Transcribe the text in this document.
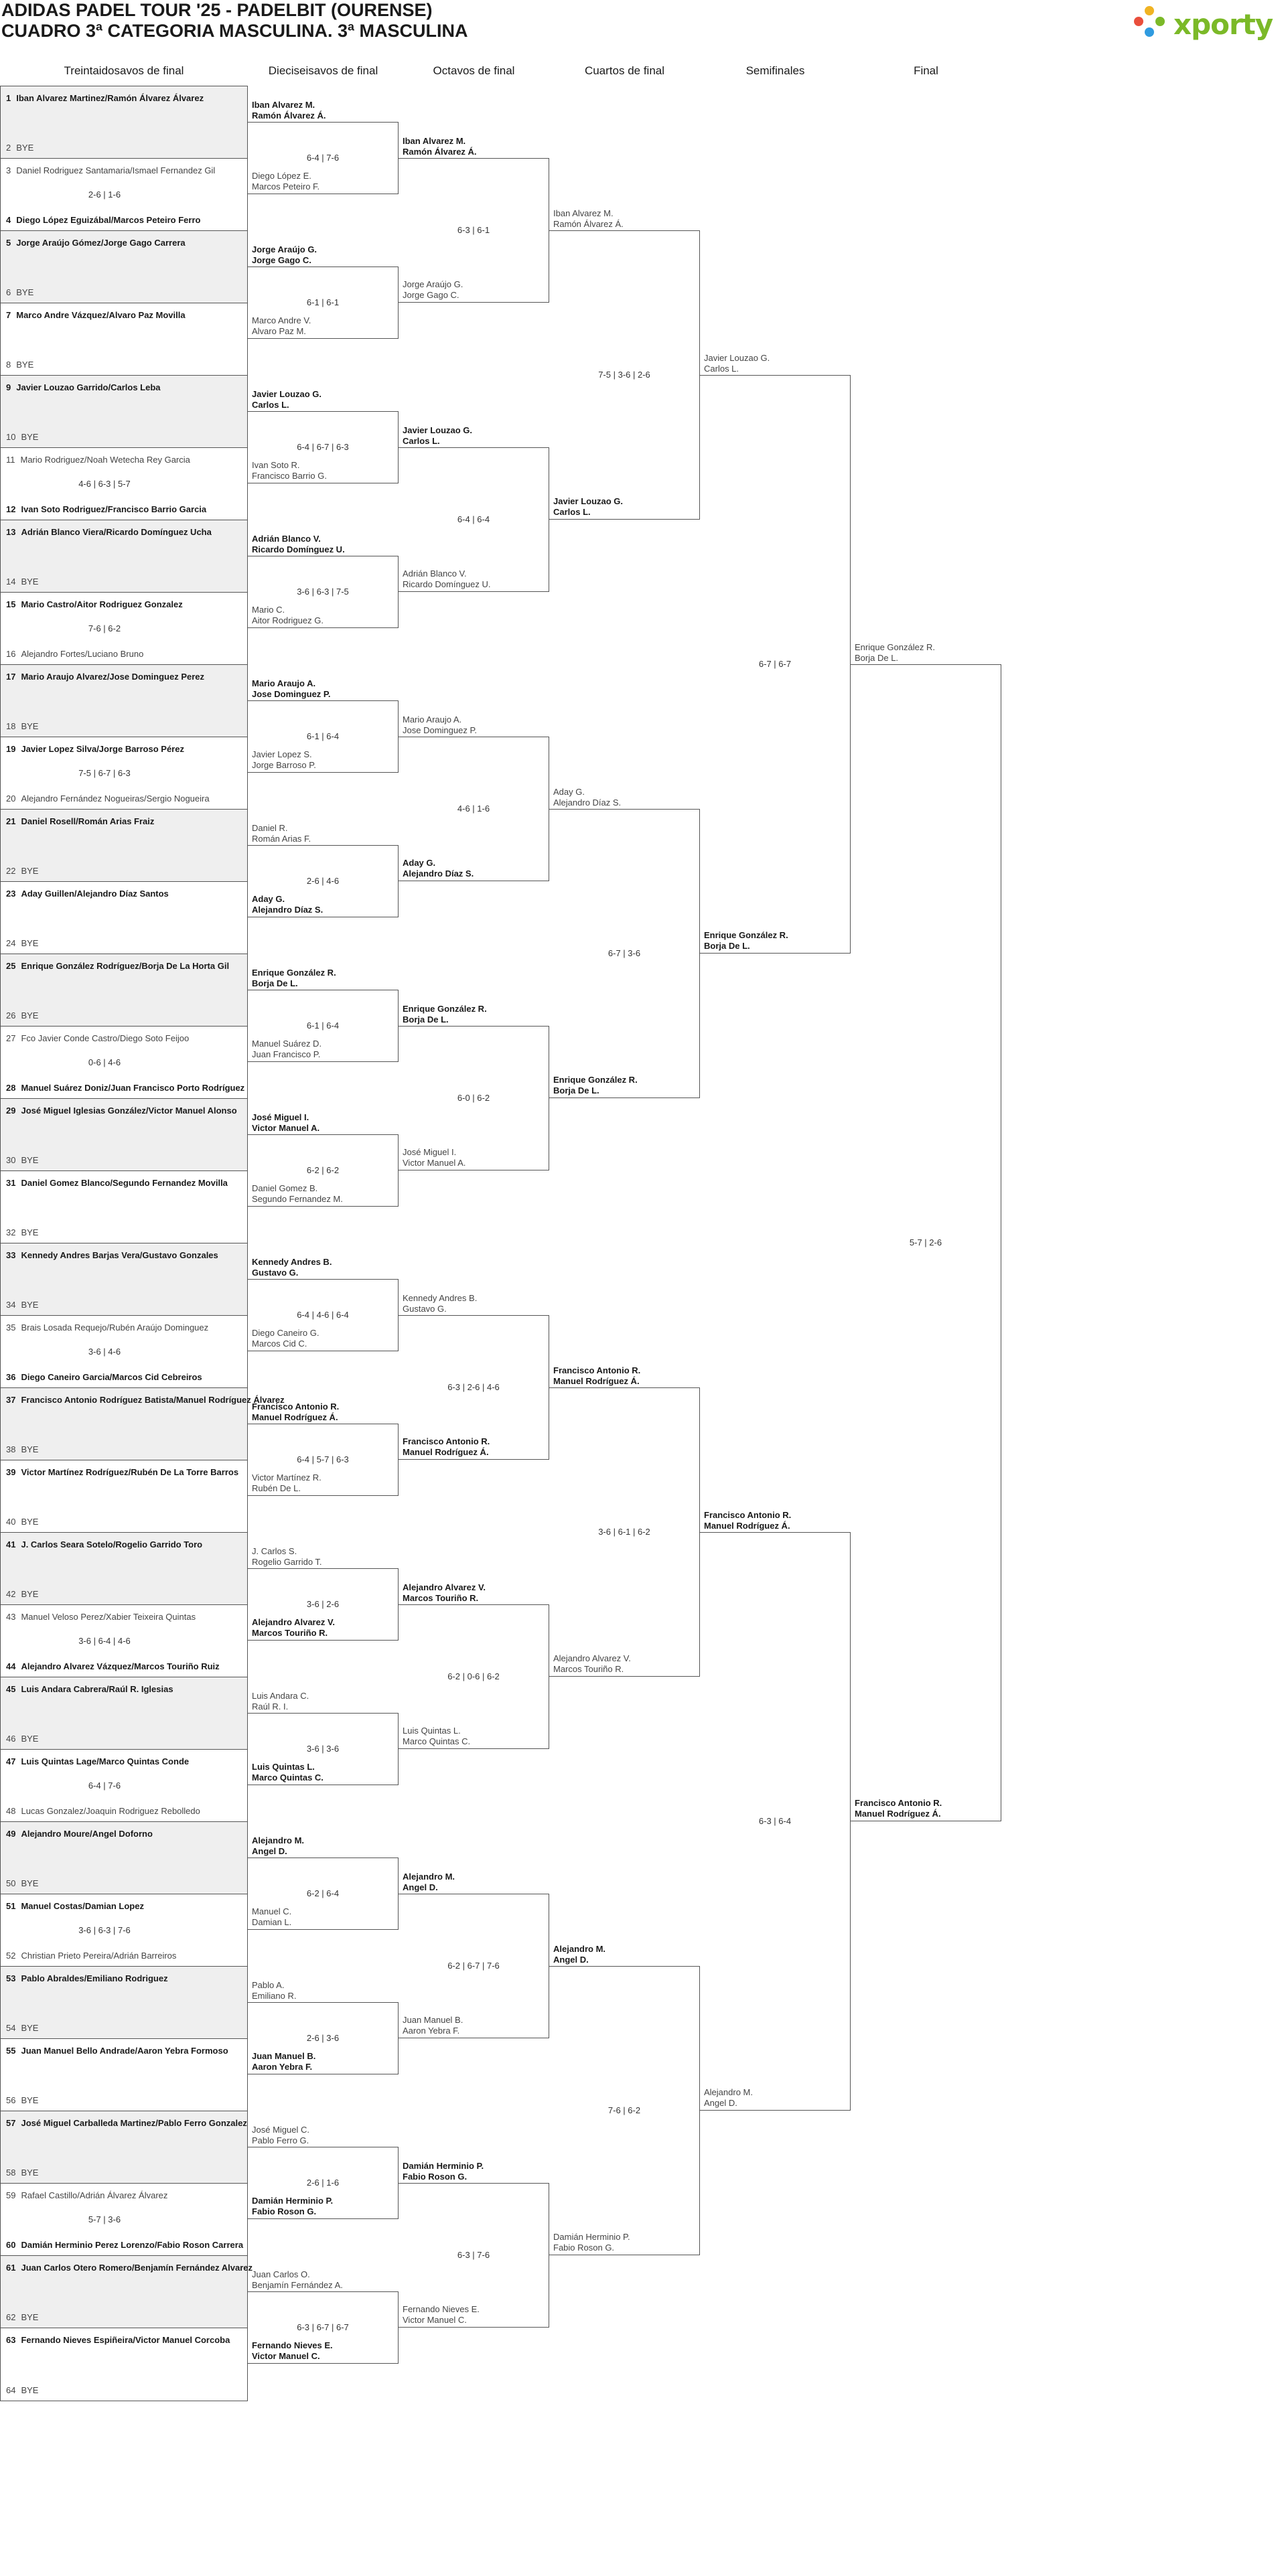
ADIDAS PADEL TOUR '25 - PADELBIT (OURENSE)
CUADRO 3ª CATEGORIA MASCULINA. 3ª MASCULINA	xporty
Treintaidosavos de final	Dieciseisavos de final	Octavos de final	Cuartos de final	Semifinales	Final
1 Iban Alvarez Martinez/Ramón Álvarez Álvarez
2 BYE
3 Daniel Rodriguez Santamaria/Ismael Fernandez Gil
4 Diego López Eguizábal/Marcos Peteiro Ferro
2-6 | 1-6
5 Jorge Araújo Gómez/Jorge Gago Carrera
6 BYE
7 Marco Andre Vázquez/Alvaro Paz Movilla
8 BYE
9 Javier Louzao Garrido/Carlos Leba
10 BYE
11 Mario Rodriguez/Noah Wetecha Rey Garcia
12 Ivan Soto Rodriguez/Francisco Barrio Garcia
4-6 | 6-3 | 5-7
13 Adrián Blanco Viera/Ricardo Domínguez Ucha
14 BYE
15 Mario Castro/Aitor Rodriguez Gonzalez
16 Alejandro Fortes/Luciano Bruno
7-6 | 6-2
17 Mario Araujo Alvarez/Jose Dominguez Perez
18 BYE
19 Javier Lopez Silva/Jorge Barroso Pérez
20 Alejandro Fernández Nogueiras/Sergio Nogueira
7-5 | 6-7 | 6-3
21 Daniel Rosell/Román Arias Fraiz
22 BYE
23 Aday Guillen/Alejandro Díaz Santos
24 BYE
25 Enrique González Rodríguez/Borja De La Horta Gil
26 BYE
27 Fco Javier Conde Castro/Diego Soto Feijoo
28 Manuel Suárez Doniz/Juan Francisco Porto Rodríguez
0-6 | 4-6
29 José Miguel Iglesias González/Victor Manuel Alonso
30 BYE
31 Daniel Gomez Blanco/Segundo Fernandez Movilla
32 BYE
33 Kennedy Andres Barjas Vera/Gustavo Gonzales
34 BYE
35 Brais Losada Requejo/Rubén Araújo Dominguez
36 Diego Caneiro Garcia/Marcos Cid Cebreiros
3-6 | 4-6
37 Francisco Antonio Rodríguez Batista/Manuel Rodríguez Álvarez
38 BYE
39 Victor Martínez Rodríguez/Rubén De La Torre Barros
40 BYE
41 J. Carlos Seara Sotelo/Rogelio Garrido Toro
42 BYE
43 Manuel Veloso Perez/Xabier Teixeira Quintas
44 Alejandro Alvarez Vázquez/Marcos Touriño Ruiz
3-6 | 6-4 | 4-6
45 Luis Andara Cabrera/Raúl R. Iglesias
46 BYE
47 Luis Quintas Lage/Marco Quintas Conde
48 Lucas Gonzalez/Joaquin Rodriguez Rebolledo
6-4 | 7-6
49 Alejandro Moure/Angel Doforno
50 BYE
51 Manuel Costas/Damian Lopez
52 Christian Prieto Pereira/Adrián Barreiros
3-6 | 6-3 | 7-6
53 Pablo Abraldes/Emiliano Rodriguez
54 BYE
55 Juan Manuel Bello Andrade/Aaron Yebra Formoso
56 BYE
57 José Miguel Carballeda Martinez/Pablo Ferro Gonzalez
58 BYE
59 Rafael Castillo/Adrián Álvarez Álvarez
60 Damián Herminio Perez Lorenzo/Fabio Roson Carrera
5-7 | 3-6
61 Juan Carlos Otero Romero/Benjamín Fernández Alvarez
62 BYE
63 Fernando Nieves Espiñeira/Victor Manuel Corcoba
64 BYE
Iban Alvarez M.
Ramón Álvarez Á.
Diego López E.
Marcos Peteiro F.
6-4 | 7-6
Jorge Araújo G.
Jorge Gago C.
Marco Andre V.
Alvaro Paz M.
6-1 | 6-1
Javier Louzao G.
Carlos L.
Ivan Soto R.
Francisco Barrio G.
6-4 | 6-7 | 6-3
Adrián Blanco V.
Ricardo Domínguez U.
Mario C.
Aitor Rodriguez G.
3-6 | 6-3 | 7-5
Mario Araujo A.
Jose Dominguez P.
Javier Lopez S.
Jorge Barroso P.
6-1 | 6-4
Daniel R.
Román Arias F.
Aday G.
Alejandro Díaz S.
2-6 | 4-6
Enrique González R.
Borja De L.
Manuel Suárez D.
Juan Francisco P.
6-1 | 6-4
José Miguel I.
Victor Manuel A.
Daniel Gomez B.
Segundo Fernandez M.
6-2 | 6-2
Kennedy Andres B.
Gustavo G.
Diego Caneiro G.
Marcos Cid C.
6-4 | 4-6 | 6-4
Francisco Antonio R.
Manuel Rodríguez Á.
Victor Martínez R.
Rubén De L.
6-4 | 5-7 | 6-3
J. Carlos S.
Rogelio Garrido T.
Alejandro Alvarez V.
Marcos Touriño R.
3-6 | 2-6
Luis Andara C.
Raúl R. I.
Luis Quintas L.
Marco Quintas C.
3-6 | 3-6
Alejandro M.
Angel D.
Manuel C.
Damian L.
6-2 | 6-4
Pablo A.
Emiliano R.
Juan Manuel B.
Aaron Yebra F.
2-6 | 3-6
José Miguel C.
Pablo Ferro G.
Damián Herminio P.
Fabio Roson G.
2-6 | 1-6
Juan Carlos O.
Benjamín Fernández A.
Fernando Nieves E.
Victor Manuel C.
6-3 | 6-7 | 6-7
Iban Alvarez M.
Ramón Álvarez Á.
Jorge Araújo G.
Jorge Gago C.
6-3 | 6-1
Javier Louzao G.
Carlos L.
Adrián Blanco V.
Ricardo Domínguez U.
6-4 | 6-4
Mario Araujo A.
Jose Dominguez P.
Aday G.
Alejandro Díaz S.
4-6 | 1-6
Enrique González R.
Borja De L.
José Miguel I.
Victor Manuel A.
6-0 | 6-2
Kennedy Andres B.
Gustavo G.
Francisco Antonio R.
Manuel Rodríguez Á.
6-3 | 2-6 | 4-6
Alejandro Alvarez V.
Marcos Touriño R.
Luis Quintas L.
Marco Quintas C.
6-2 | 0-6 | 6-2
Alejandro M.
Angel D.
Juan Manuel B.
Aaron Yebra F.
6-2 | 6-7 | 7-6
Damián Herminio P.
Fabio Roson G.
Fernando Nieves E.
Victor Manuel C.
6-3 | 7-6
Iban Alvarez M.
Ramón Álvarez Á.
Javier Louzao G.
Carlos L.
7-5 | 3-6 | 2-6
Aday G.
Alejandro Díaz S.
Enrique González R.
Borja De L.
6-7 | 3-6
Francisco Antonio R.
Manuel Rodríguez Á.
Alejandro Alvarez V.
Marcos Touriño R.
3-6 | 6-1 | 6-2
Alejandro M.
Angel D.
Damián Herminio P.
Fabio Roson G.
7-6 | 6-2
Javier Louzao G.
Carlos L.
Enrique González R.
Borja De L.
6-7 | 6-7
Francisco Antonio R.
Manuel Rodríguez Á.
Alejandro M.
Angel D.
6-3 | 6-4
Enrique González R.
Borja De L.
Francisco Antonio R.
Manuel Rodríguez Á.
5-7 | 2-6
